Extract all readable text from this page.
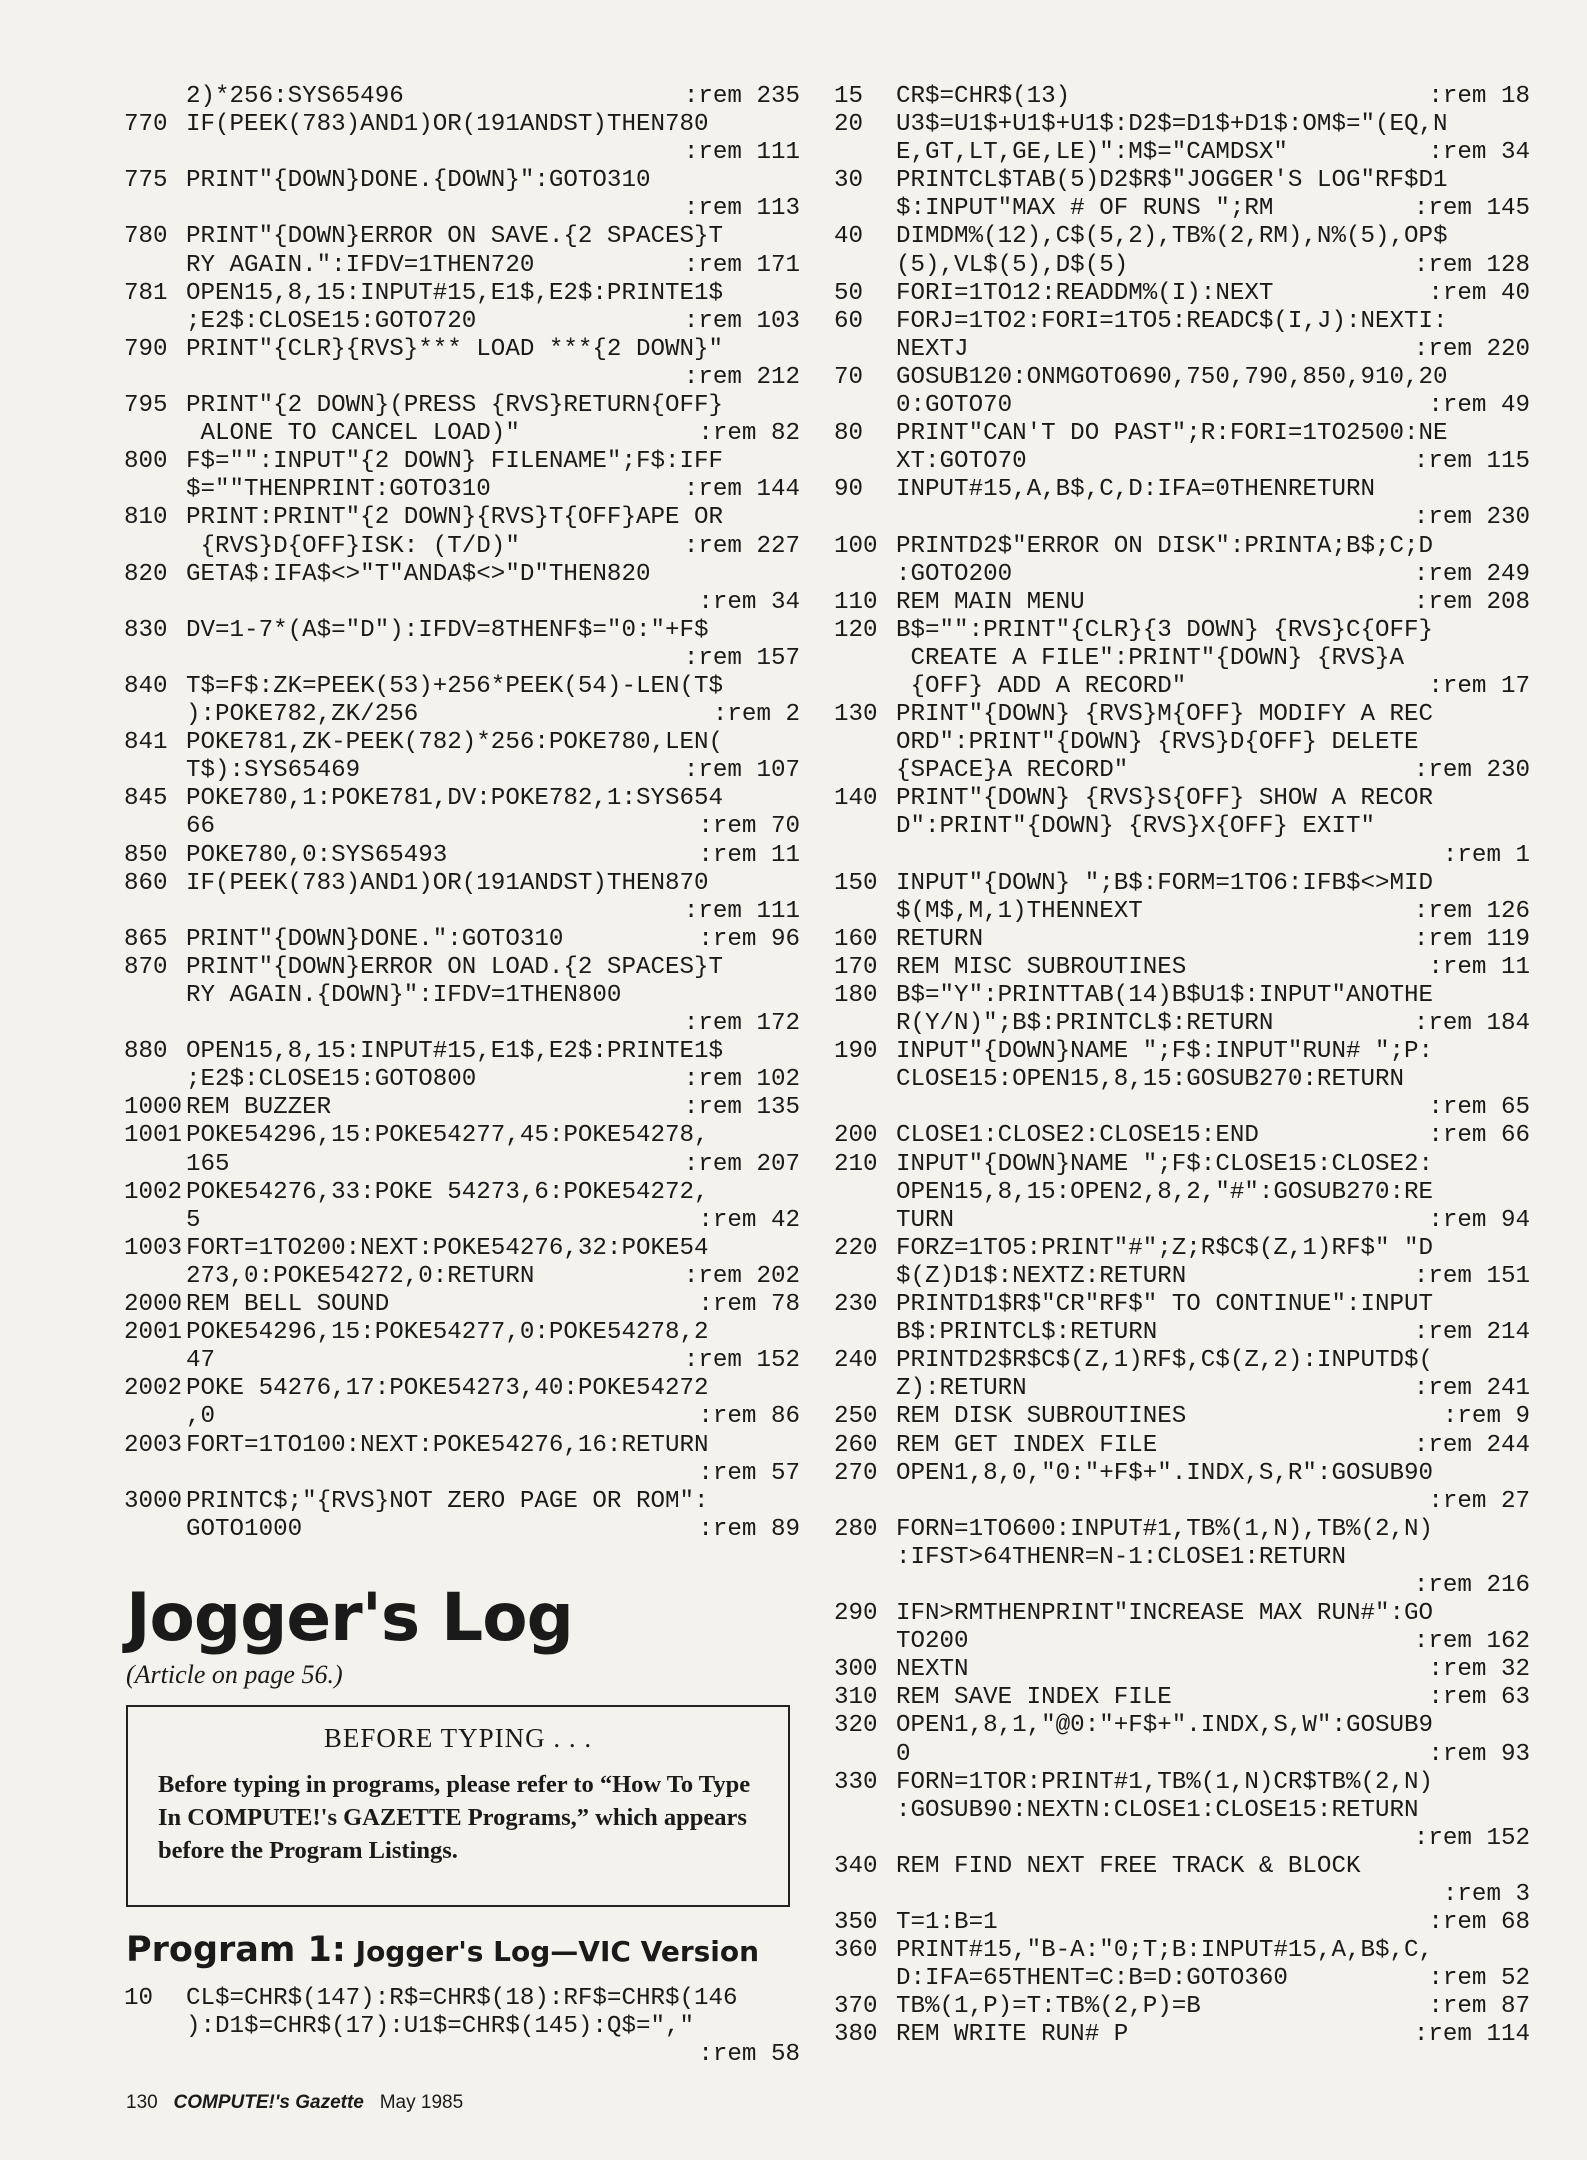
2)*256:SYS65496	:rem 235
770 IF(PEEK(783)AND1)OR(191ANDST)THEN780
:rem 111
775 PRINT"{DOWN}DONE.{DOWN}":GOTO310
:rem 113
780 PRINT"{DOWN}ERROR ON SAVE.{2 SPACES}T
RY AGAIN.":IFDV=1THEN720	:rem 171
781 OPEN15,8,15:INPUT#15,E1$,E2$:PRINTE1$
;E2$:CLOSE15:GOTO720	:rem 103
790 PRINT"{CLR}{RVS}*** LOAD ***{2 DOWN}"
:rem 212
795 PRINT"{2 DOWN}(PRESS {RVS}RETURN{OFF}
ALONE TO CANCEL LOAD)"	:rem 82
800 F$="":INPUT"{2 DOWN} FILENAME";F$:IFF
$=""THENPRINT:GOTO310	:rem 144
810 PRINT:PRINT"{2 DOWN}{RVS}T{OFF}APE OR
{RVS}D{OFF}ISK: (T/D)"	:rem 227
820 GETA$:IFA$<>"T"ANDA$<>"D"THEN820
:rem 34
830 DV=1-7*(A$="D"):IFDV=8THENF$="0:"+F$
:rem 157
840 T$=F$:ZK=PEEK(53)+256*PEEK(54)-LEN(T$
):POKE782,ZK/256	:rem 2
841 POKE781,ZK-PEEK(782)*256:POKE780,LEN(
T$):SYS65469	:rem 107
845 POKE780,1:POKE781,DV:POKE782,1:SYS654
66	:rem 70
850 POKE780,0:SYS65493	:rem 11
860 IF(PEEK(783)AND1)OR(191ANDST)THEN870
:rem 111
865 PRINT"{DOWN}DONE.":GOTO310	:rem 96
870 PRINT"{DOWN}ERROR ON LOAD.{2 SPACES}T
RY AGAIN.{DOWN}":IFDV=1THEN800
:rem 172
880 OPEN15,8,15:INPUT#15,E1$,E2$:PRINTE1$
;E2$:CLOSE15:GOTO800	:rem 102
1000 REM BUZZER	:rem 135
1001 POKE54296,15:POKE54277,45:POKE54278,
165	:rem 207
1002 POKE54276,33:POKE 54273,6:POKE54272,
5	:rem 42
1003 FORT=1TO200:NEXT:POKE54276,32:POKE54
273,0:POKE54272,0:RETURN	:rem 202
2000 REM BELL SOUND	:rem 78
2001 POKE54296,15:POKE54277,0:POKE54278,2
47	:rem 152
2002 POKE 54276,17:POKE54273,40:POKE54272
,0	:rem 86
2003 FORT=1TO100:NEXT:POKE54276,16:RETURN
:rem 57
3000 PRINTC$;"{RVS}NOT ZERO PAGE OR ROM":
GOTO1000	:rem 89
15	CR$=CHR$(13)	:rem 18
20	U3$=U1$+U1$+U1$:D2$=D1$+D1$:OM$="(EQ,N
E,GT,LT,GE,LE)":M$="CAMDSX"	:rem 34
30	PRINTCL$TAB(5)D2$R$"JOGGER'S LOG"RF$D1
$:INPUT"MAX # OF RUNS ";RM	:rem 145
40	DIMDM%(12),C$(5,2),TB%(2,RM),N%(5),OP$
(5),VL$(5),D$(5)	:rem 128
50	FORI=1TO12:READDM%(I):NEXT	:rem 40
60	FORJ=1TO2:FORI=1TO5:READC$(I,J):NEXTI:
NEXTJ	:rem 220
70	GOSUB120:ONMGOTO690,750,790,850,910,20
0:GOTO70	:rem 49
80	PRINT"CAN'T DO PAST";R:FORI=1TO2500:NE
XT:GOTO70	:rem 115
90	INPUT#15,A,B$,C,D:IFA=0THENRETURN
:rem 230
100 PRINTD2$"ERROR ON DISK":PRINTA;B$;C;D
:GOTO200	:rem 249
110 REM MAIN MENU	:rem 208
120 B$="":PRINT"{CLR}{3 DOWN} {RVS}C{OFF}
CREATE A FILE":PRINT"{DOWN} {RVS}A
{OFF} ADD A RECORD"	:rem 17
130 PRINT"{DOWN} {RVS}M{OFF} MODIFY A REC
ORD":PRINT"{DOWN} {RVS}D{OFF} DELETE
{SPACE}A RECORD"	:rem 230
140 PRINT"{DOWN} {RVS}S{OFF} SHOW A RECOR
D":PRINT"{DOWN} {RVS}X{OFF} EXIT"
:rem 1
150 INPUT"{DOWN} ";B$:FORM=1TO6:IFB$<>MID
$(M$,M,1)THENNEXT	:rem 126
160 RETURN	:rem 119
170 REM MISC SUBROUTINES	:rem 11
180 B$="Y":PRINTTAB(14)B$U1$:INPUT"ANOTHE
R(Y/N)";B$:PRINTCL$:RETURN	:rem 184
190 INPUT"{DOWN}NAME ";F$:INPUT"RUN# ";P:
CLOSE15:OPEN15,8,15:GOSUB270:RETURN
:rem 65
200 CLOSE1:CLOSE2:CLOSE15:END	:rem 66
210 INPUT"{DOWN}NAME ";F$:CLOSE15:CLOSE2:
OPEN15,8,15:OPEN2,8,2,"#":GOSUB270:RE
TURN	:rem 94
220 FORZ=1TO5:PRINT"#";Z;R$C$(Z,1)RF$" "D
$(Z)D1$:NEXTZ:RETURN	:rem 151
230 PRINTD1$R$"CR"RF$" TO CONTINUE":INPUT
B$:PRINTCL$:RETURN	:rem 214
240 PRINTD2$R$C$(Z,1)RF$,C$(Z,2):INPUTD$(
Z):RETURN	:rem 241
250 REM DISK SUBROUTINES	:rem 9
260 REM GET INDEX FILE	:rem 244
270 OPEN1,8,0,"0:"+F$+".INDX,S,R":GOSUB90
:rem 27
280 FORN=1TO600:INPUT#1,TB%(1,N),TB%(2,N)
:IFST>64THENR=N-1:CLOSE1:RETURN
:rem 216
290 IFN>RMTHENPRINT"INCREASE MAX RUN#":GO
TO200	:rem 162
300 NEXTN	:rem 32
310 REM SAVE INDEX FILE	:rem 63
320 OPEN1,8,1,"@0:"+F$+".INDX,S,W":GOSUB9
0	:rem 93
330 FORN=1TOR:PRINT#1,TB%(1,N)CR$TB%(2,N)
:GOSUB90:NEXTN:CLOSE1:CLOSE15:RETURN
:rem 152
340 REM FIND NEXT FREE TRACK & BLOCK
:rem 3
350 T=1:B=1	:rem 68
360 PRINT#15,"B-A:"0;T;B:INPUT#15,A,B$,C,
D:IFA=65THENT=C:B=D:GOTO360	:rem 52
370 TB%(1,P)=T:TB%(2,P)=B	:rem 87
380 REM WRITE RUN# P	:rem 114
Jogger's Log
(Article on page 56.)
BEFORE TYPING . . .
Before typing in programs, please refer to “How To Type In COMPUTE!'s GAZETTE Programs,” which appears before the Program Listings.
Program 1: Jogger's Log—VIC Version
10	CL$=CHR$(147):R$=CHR$(18):RF$=CHR$(146
):D1$=CHR$(17):U1$=CHR$(145):Q$=","
:rem 58
130 COMPUTE!'s Gazette May 1985
